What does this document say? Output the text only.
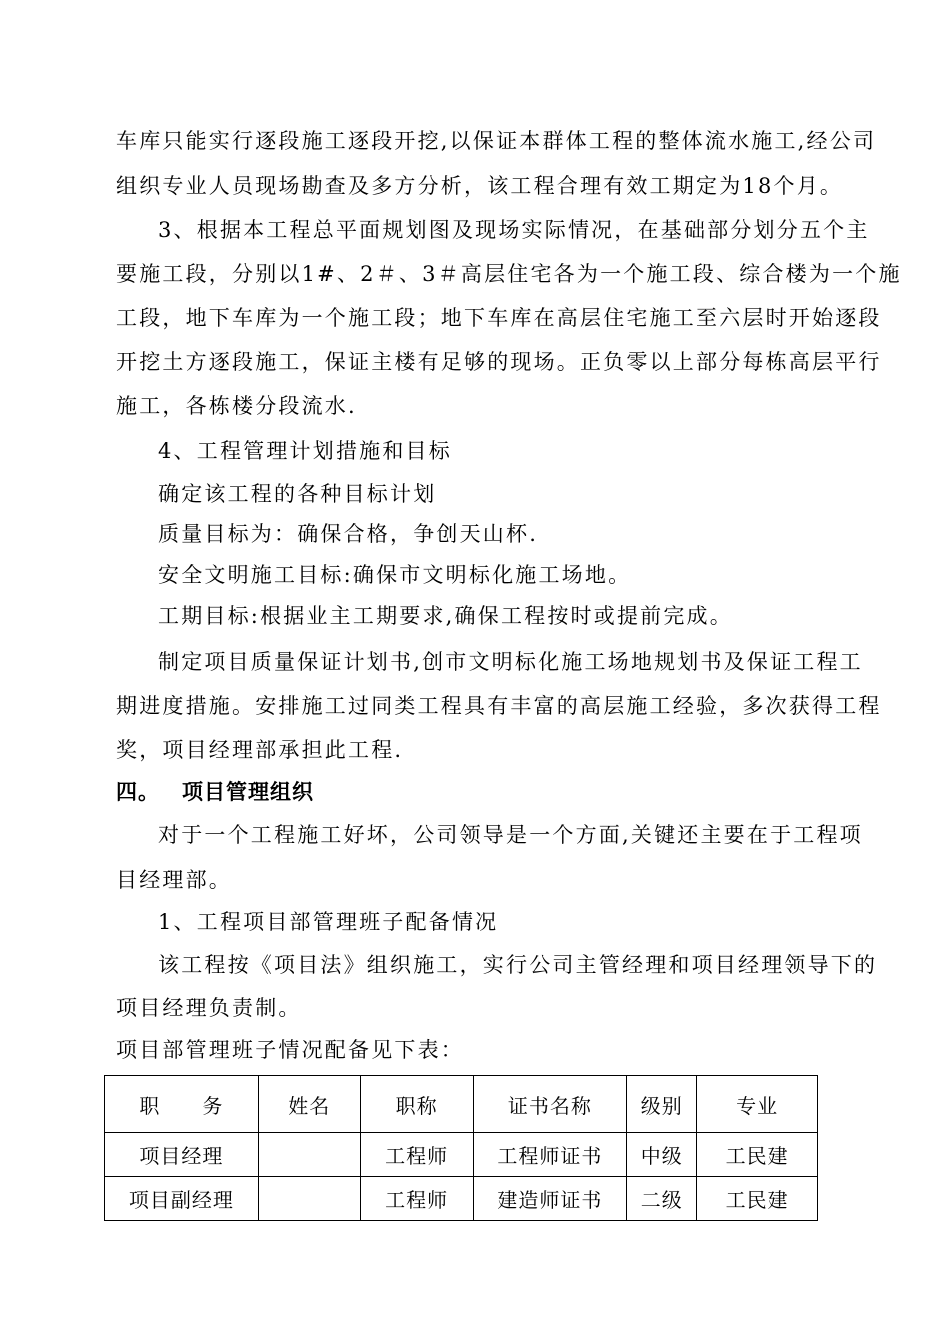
车库只能实行逐段施工逐段开挖,以保证本群体工程的整体流水施工,经公司
组织专业人员现场勘查及多方分析，该工程合理有效工期定为18个月。
3、根据本工程总平面规划图及现场实际情况，在基础部分划分五个主
要施工段，分别以1#、2＃、3＃高层住宅各为一个施工段、综合楼为一个施
工段，地下车库为一个施工段；地下车库在高层住宅施工至六层时开始逐段
开挖土方逐段施工，保证主楼有足够的现场。正负零以上部分每栋高层平行
施工，各栋楼分段流水.
4、工程管理计划措施和目标
确定该工程的各种目标计划
质量目标为：确保合格，争创天山杯.
安全文明施工目标:确保市文明标化施工场地。
工期目标:根据业主工期要求,确保工程按时或提前完成。
制定项目质量保证计划书,创市文明标化施工场地规划书及保证工程工
期进度措施。安排施工过同类工程具有丰富的高层施工经验，多次获得工程
奖，项目经理部承担此工程.
四。 项目管理组织
对于一个工程施工好坏，公司领导是一个方面,关键还主要在于工程项
目经理部。
1、工程项目部管理班子配备情况
该工程按《项目法》组织施工，实行公司主管经理和项目经理领导下的
项目经理负责制。
项目部管理班子情况配备见下表：
职　　务	姓名	职称	证书名称	级别	专业
项目经理		工程师	工程师证书	中级	工民建
项目副经理		工程师	建造师证书	二级	工民建
